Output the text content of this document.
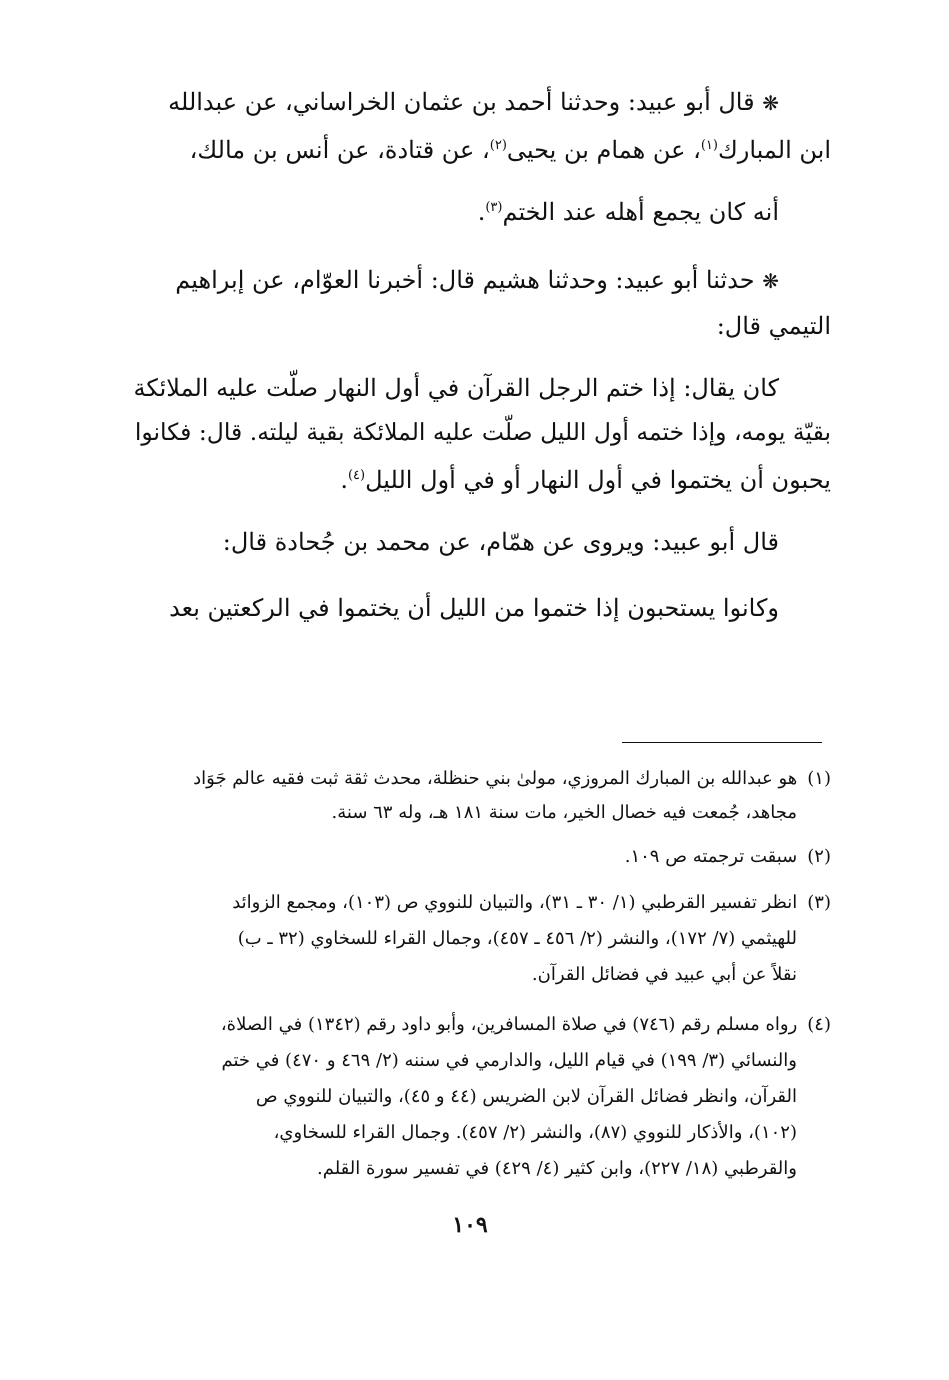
❋ قال أبو عبيد: وحدثنا أحمد بن عثمان الخراساني، عن عبدالله
ابن المبارك$^{(١)}$، عن همام بن يحيى$^{(٢)}$، عن قتادة، عن أنس بن مالك،
أنه كان يجمع أهله عند الختم$^{(٣)}$.
❋ حدثنا أبو عبيد: وحدثنا هشيم قال: أخبرنا العوّام، عن إبراهيم
التيمي قال:
كان يقال: إذا ختم الرجل القرآن في أول النهار صلّت عليه الملائكة
بقيّة يومه، وإذا ختمه أول الليل صلّت عليه الملائكة بقية ليلته. قال: فكانوا
يحبون أن يختموا في أول النهار أو في أول الليل$^{(٤)}$.
قال أبو عبيد: ويروى عن همّام، عن محمد بن جُحادة قال:
وكانوا يستحبون إذا ختموا من الليل أن يختموا في الركعتين بعد
(١)هو عبدالله بن المبارك المروزي، مولىٰ بني حنظلة، محدث ثقة ثبت فقيه عالم جَوَاد
مجاهد، جُمعت فيه خصال الخير، مات سنة ١٨١ هـ، وله ٦٣ سنة.
(٢)سبقت ترجمته ص ١٠٩.
(٣)انظر تفسير القرطبي (١/ ٣٠ ـ ٣١)، والتبيان للنووي ص (١٠٣)، ومجمع الزوائد
للهيثمي (٧/ ١٧٢)، والنشر (٢/ ٤٥٦ ـ ٤٥٧)، وجمال القراء للسخاوي (٣٢ ـ ب)
نقلاً عن أبي عبيد في فضائل القرآن.
(٤)رواه مسلم رقم (٧٤٦) في صلاة المسافرين، وأبو داود رقم (١٣٤٢) في الصلاة،
والنسائي (٣/ ١٩٩) في قيام الليل، والدارمي في سننه (٢/ ٤٦٩ و ٤٧٠) في ختم
القرآن، وانظر فضائل القرآن لابن الضريس (٤٤ و ٤٥)، والتبيان للنووي ص
(١٠٢)، والأذكار للنووي (٨٧)، والنشر (٢/ ٤٥٧). وجمال القراء للسخاوي،
والقرطبي (١٨/ ٢٢٧)، وابن كثير (٤/ ٤٢٩) في تفسير سورة القلم.
١٠٩
